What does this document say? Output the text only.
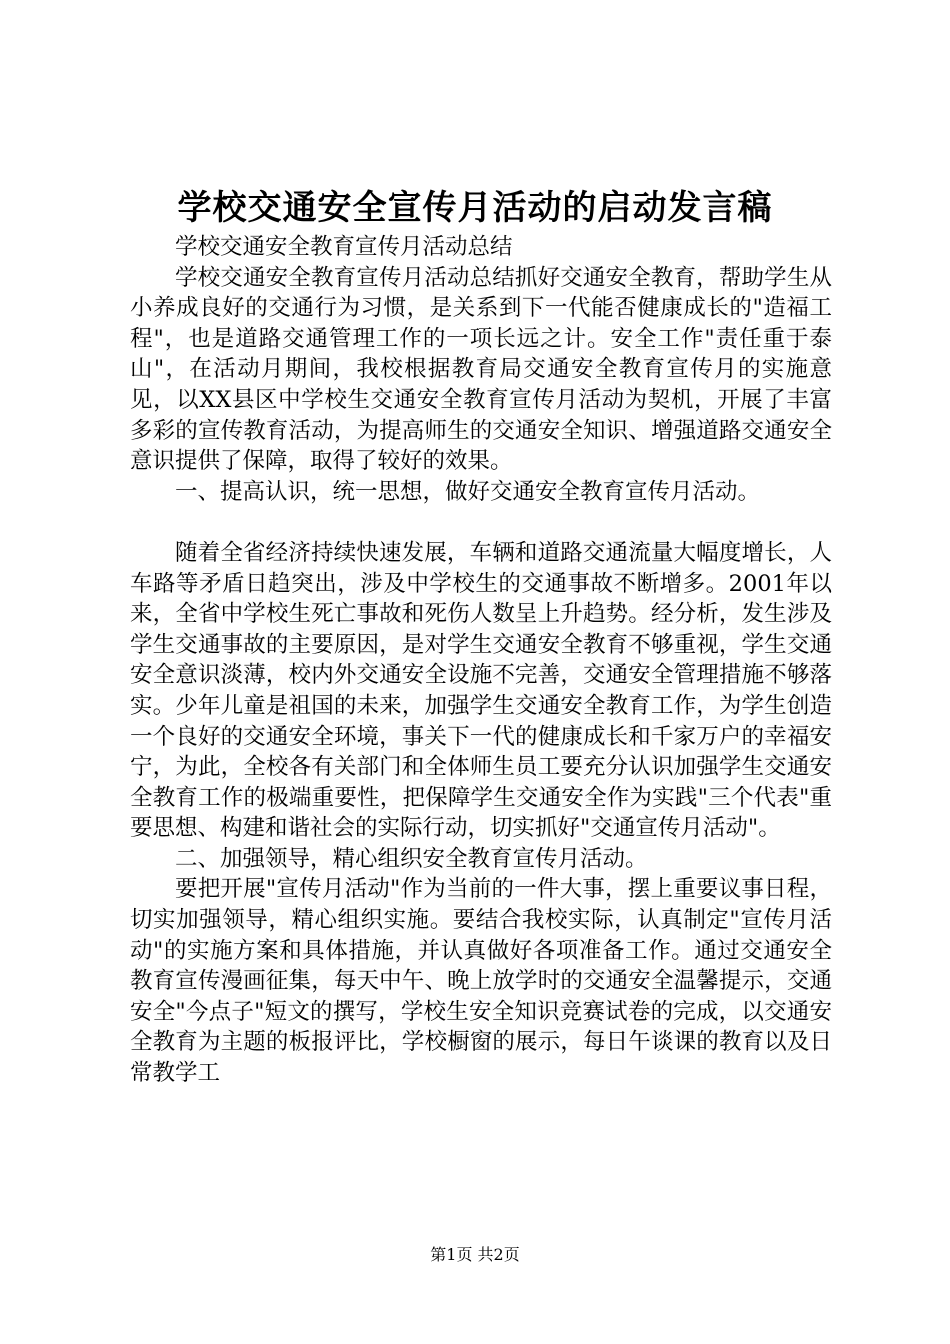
学校交通安全宣传月活动的启动发言稿

学校交通安全教育宣传月活动总结

学校交通安全教育宣传月活动总结抓好交通安全教育，帮助学生从小养成良好的交通行为习惯，是关系到下一代能否健康成长的"造福工程"，也是道路交通管理工作的一项长远之计。安全工作"责任重于泰山"，在活动月期间，我校根据教育局交通安全教育宣传月的实施意见，以XX县区中学校生交通安全教育宣传月活动为契机，开展了丰富多彩的宣传教育活动，为提高师生的交通安全知识、增强道路交通安全意识提供了保障，取得了较好的效果。

一、提高认识，统一思想，做好交通安全教育宣传月活动。

随着全省经济持续快速发展，车辆和道路交通流量大幅度增长，人车路等矛盾日趋突出，涉及中学校生的交通事故不断增多。2001年以来，全省中学校生死亡事故和死伤人数呈上升趋势。经分析，发生涉及学生交通事故的主要原因，是对学生交通安全教育不够重视，学生交通安全意识淡薄，校内外交通安全设施不完善，交通安全管理措施不够落实。少年儿童是祖国的未来，加强学生交通安全教育工作，为学生创造一个良好的交通安全环境，事关下一代的健康成长和千家万户的幸福安宁，为此，全校各有关部门和全体师生员工要充分认识加强学生交通安全教育工作的极端重要性，把保障学生交通安全作为实践"三个代表"重要思想、构建和谐社会的实际行动，切实抓好"交通宣传月活动"。

二、加强领导，精心组织安全教育宣传月活动。

要把开展"宣传月活动"作为当前的一件大事，摆上重要议事日程，切实加强领导，精心组织实施。要结合我校实际，认真制定"宣传月活动"的实施方案和具体措施，并认真做好各项准备工作。通过交通安全教育宣传漫画征集，每天中午、晚上放学时的交通安全温馨提示，交通安全"今点子"短文的撰写，学校生安全知识竞赛试卷的完成，以交通安全教育为主题的板报评比，学校橱窗的展示，每日午谈课的教育以及日常教学工

第1页 共2页
